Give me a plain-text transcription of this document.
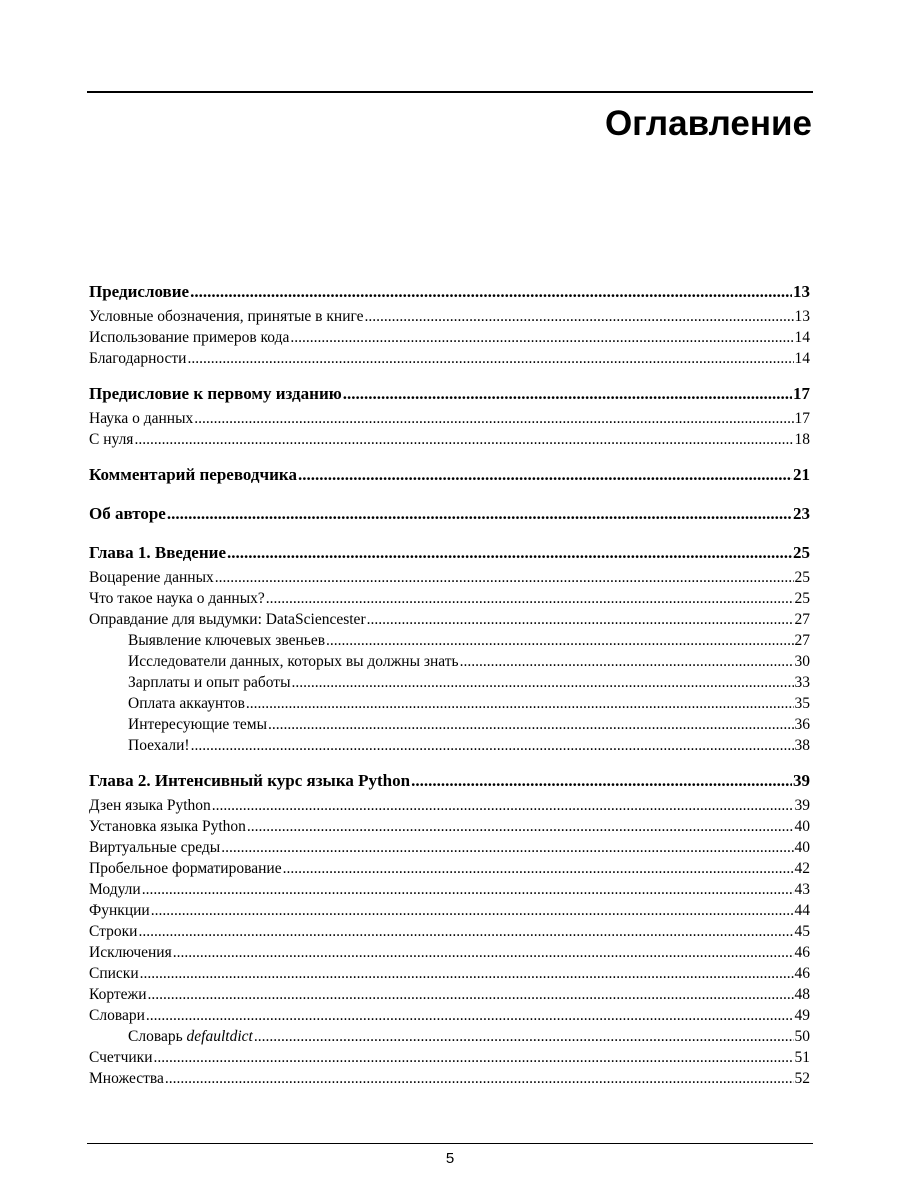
Оглавление
Предисловие .....	13
Условные обозначения, принятые в книге .....	13
Использование примеров кода .....	14
Благодарности .....	14
Предисловие к первому изданию .....	17
Наука о данных .....	17
С нуля .....	18
Комментарий переводчика .....	21
Об авторе .....	23
Глава 1. Введение .....	25
Воцарение данных .....	25
Что такое наука о данных? .....	25
Оправдание для выдумки: DataSciencester .....	27
Выявление ключевых звеньев .....	27
Исследователи данных, которых вы должны знать .....	30
Зарплаты и опыт работы .....	33
Оплата аккаунтов .....	35
Интересующие темы .....	36
Поехали! .....	38
Глава 2. Интенсивный курс языка Python .....	39
Дзен языка Python .....	39
Установка языка Python .....	40
Виртуальные среды .....	40
Пробельное форматирование .....	42
Модули .....	43
Функции .....	44
Строки .....	45
Исключения .....	46
Списки .....	46
Кортежи .....	48
Словари .....	49
Словарь defaultdict .....	50
Счетчики .....	51
Множества .....	52
5
